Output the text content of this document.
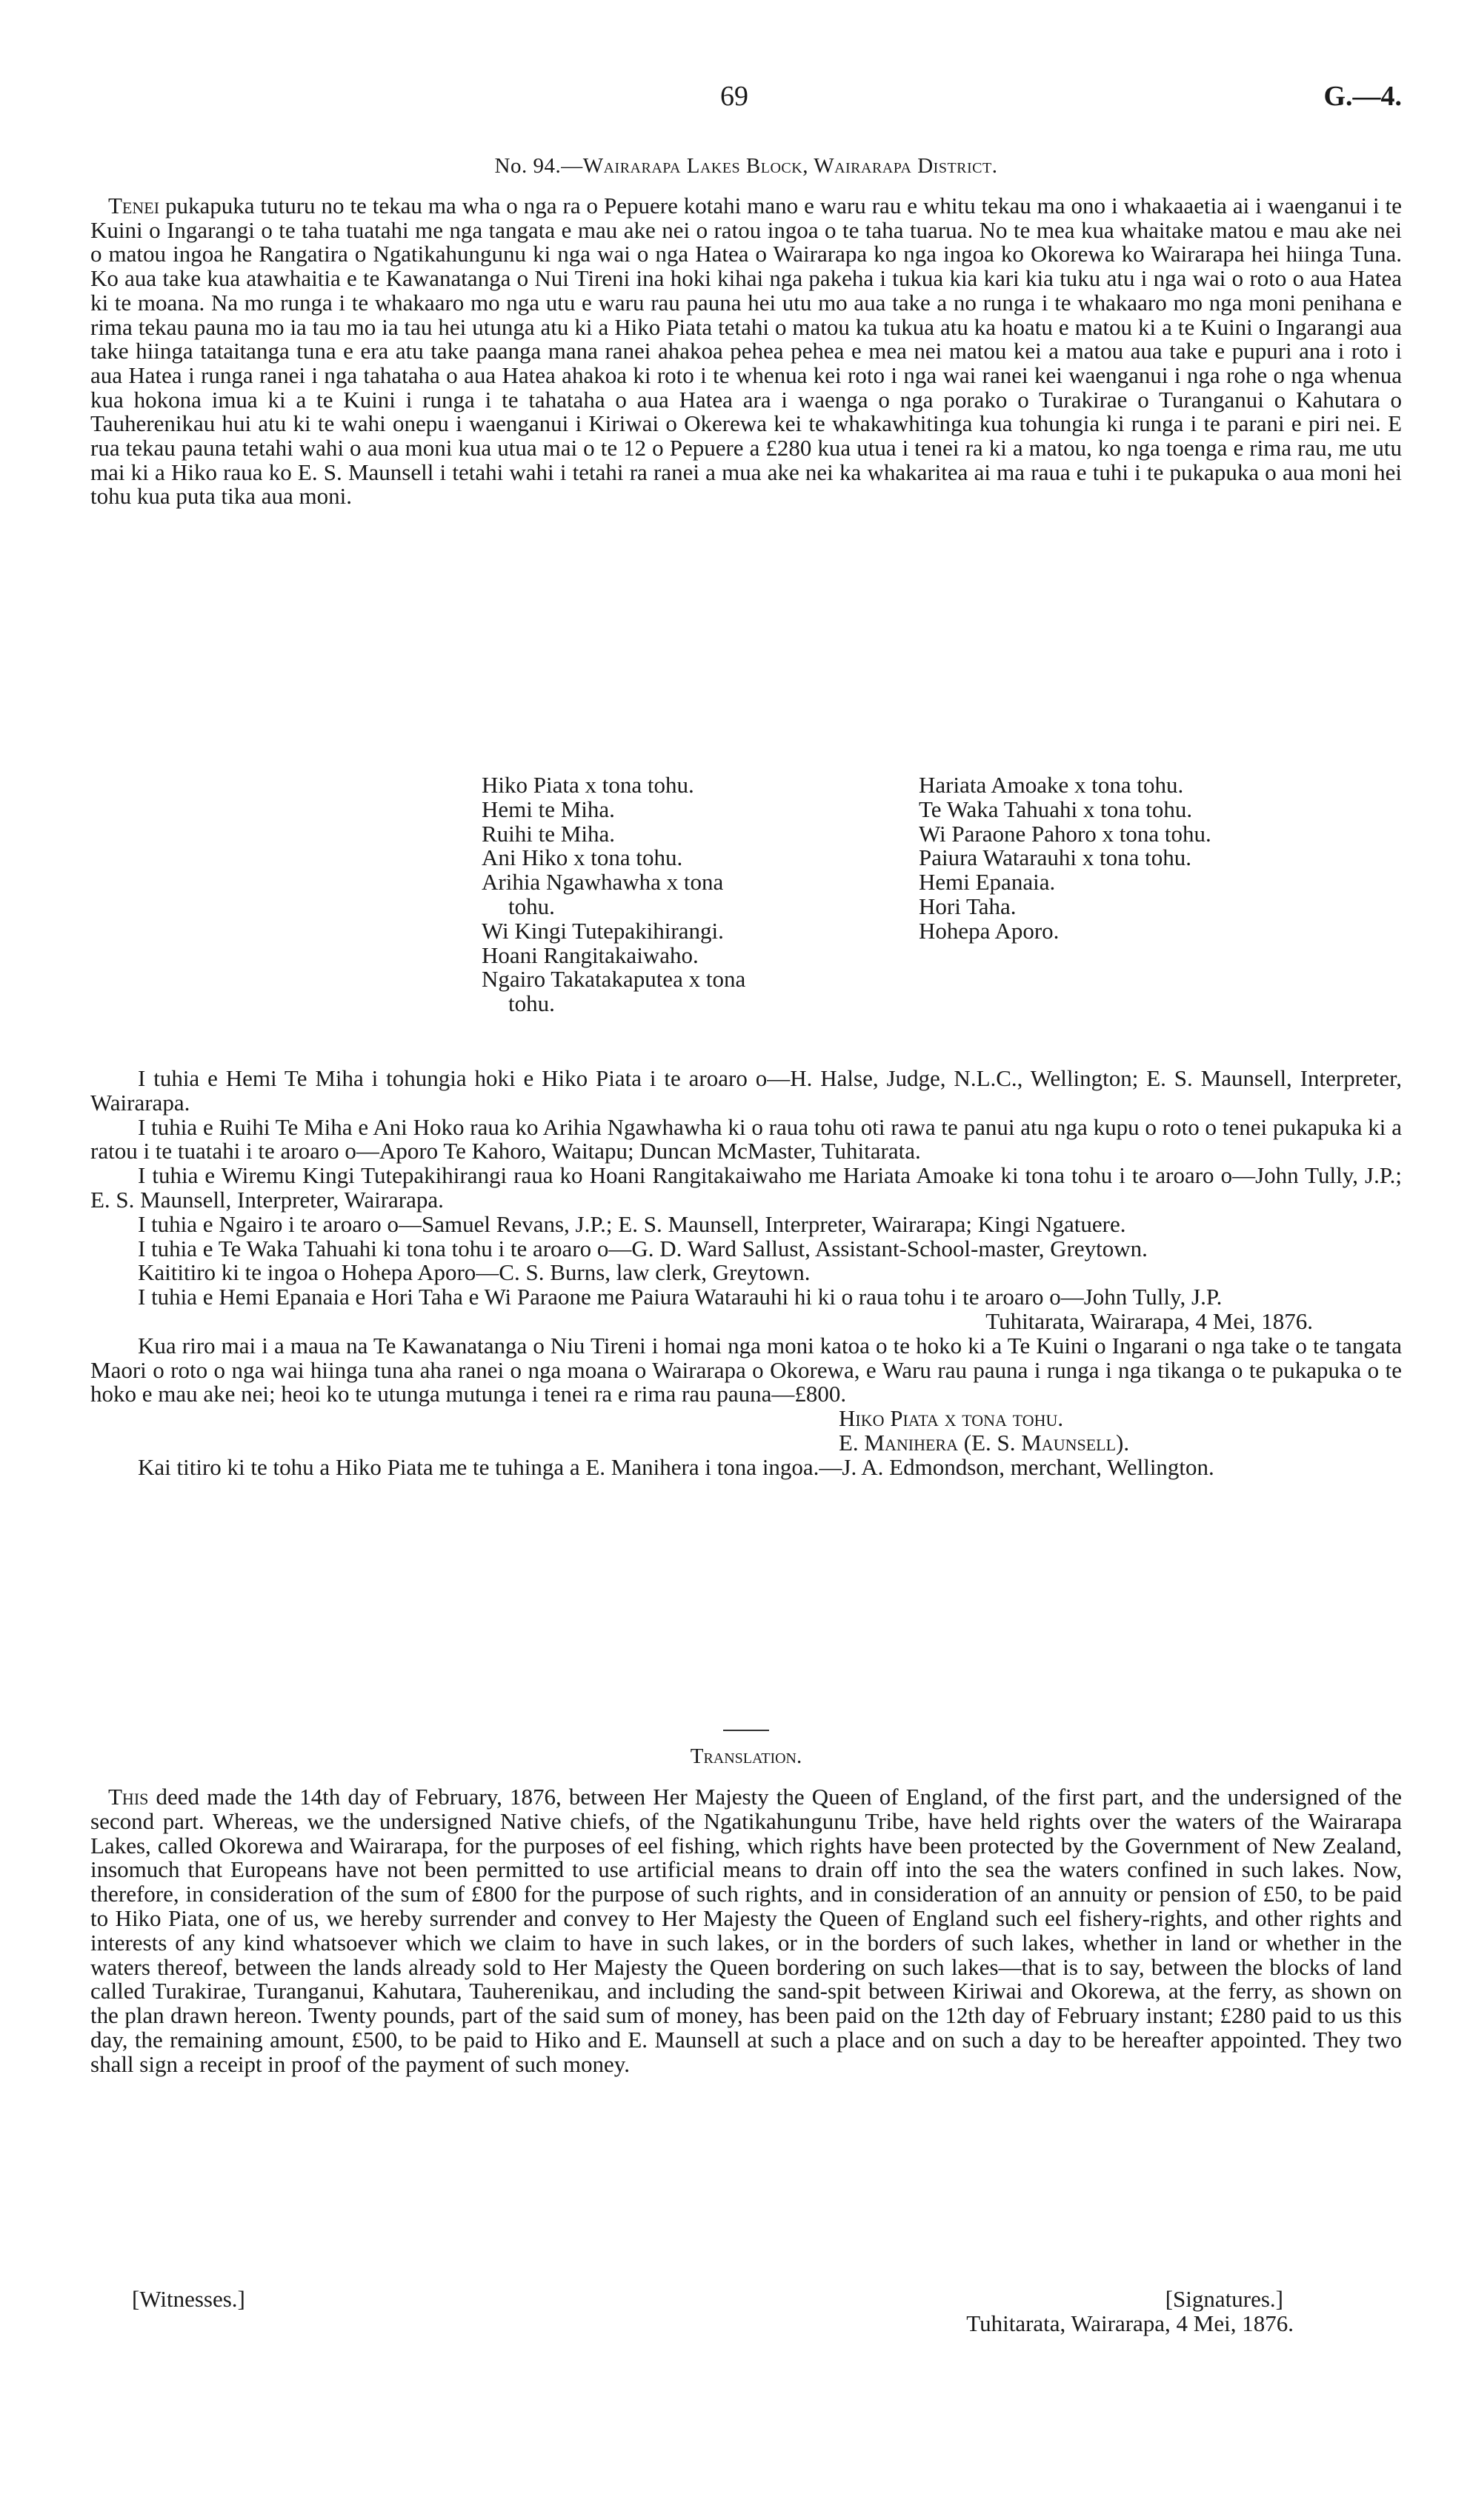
69	G.—4.
No. 94.—Wairarapa Lakes Block, Wairarapa District.

Tenei pukapuka tuturu no te tekau ma wha o nga ra o Pepuere kotahi mano e waru rau e whitu tekau ma ono i whakaaetia ai i waenganui i te Kuini o Ingarangi o te taha tuatahi me nga tangata e mau ake nei o ratou ingoa o te taha tuarua. No te mea kua whaitake matou e mau ake nei o matou ingoa he Rangatira o Ngatikahungunu ki nga wai o nga Hatea o Wairarapa ko nga ingoa ko Okorewa ko Wairarapa hei hiinga Tuna. Ko aua take kua atawhaitia e te Kawanatanga o Nui Tireni ina hoki kihai nga pakeha i tukua kia kari kia tuku atu i nga wai o roto o aua Hatea ki te moana. Na mo runga i te whakaaro mo nga utu e waru rau pauna hei utu mo aua take a no runga i te whakaaro mo nga moni penihana e rima tekau pauna mo ia tau mo ia tau hei utunga atu ki a Hiko Piata tetahi o matou ka tukua atu ka hoatu e matou ki a te Kuini o Ingarangi aua take hiinga tataitanga tuna e era atu take paanga mana ranei ahakoa pehea pehea e mea nei matou kei a matou aua take e pupuri ana i roto i aua Hatea i runga ranei i nga tahataha o aua Hatea ahakoa ki roto i te whenua kei roto i nga wai ranei kei waenganui i nga rohe o nga whenua kua hokona imua ki a te Kuini i runga i te tahataha o aua Hatea ara i waenga o nga porako o Turakirae o Turanganui o Kahutara o Tauherenikau hui atu ki te wahi onepu i waenganui i Kiriwai o Okerewa kei te whakawhitinga kua tohungia ki runga i te parani e piri nei. E rua tekau pauna tetahi wahi o aua moni kua utua mai o te 12 o Pepuere a £280 kua utua i tenei ra ki a matou, ko nga toenga e rima rau, me utu mai ki a Hiko raua ko E. S. Maunsell i tetahi wahi i tetahi ra ranei a mua ake nei ka whakaritea ai ma raua e tuhi i te pukapuka o aua moni hei tohu kua puta tika aua moni.

Hiko Piata x tona tohu.
Hemi te Miha.
Ruihi te Miha.
Ani Hiko x tona tohu.
Arihia Ngawhawha x tona
tohu.
Wi Kingi Tutepakihirangi.
Hoani Rangitakaiwaho.
Ngairo Takatakaputea x tona
tohu.
Hariata Amoake x tona tohu.
Te Waka Tahuahi x tona tohu.
Wi Paraone Pahoro x tona tohu.
Paiura Watarauhi x tona tohu.
Hemi Epanaia.
Hori Taha.
Hohepa Aporo.

I tuhia e Hemi Te Miha i tohungia hoki e Hiko Piata i te aroaro o—H. Halse, Judge, N.L.C., Wellington; E. S. Maunsell, Interpreter, Wairarapa.

I tuhia e Ruihi Te Miha e Ani Hoko raua ko Arihia Ngawhawha ki o raua tohu oti rawa te panui atu nga kupu o roto o tenei pukapuka ki a ratou i te tuatahi i te aroaro o—Aporo Te Kahoro, Waitapu; Duncan McMaster, Tuhitarata.

I tuhia e Wiremu Kingi Tutepakihirangi raua ko Hoani Rangitakaiwaho me Hariata Amoake ki tona tohu i te aroaro o—John Tully, J.P.; E. S. Maunsell, Interpreter, Wairarapa.

I tuhia e Ngairo i te aroaro o—Samuel Revans, J.P.; E. S. Maunsell, Interpreter, Wairarapa; Kingi Ngatuere.

I tuhia e Te Waka Tahuahi ki tona tohu i te aroaro o—G. D. Ward Sallust, Assistant-School-master, Greytown.

Kaititiro ki te ingoa o Hohepa Aporo—C. S. Burns, law clerk, Greytown.

I tuhia e Hemi Epanaia e Hori Taha e Wi Paraone me Paiura Watarauhi hi ki o raua tohu i te aroaro o—John Tully, J.P.

Tuhitarata, Wairarapa, 4 Mei, 1876.

Kua riro mai i a maua na Te Kawanatanga o Niu Tireni i homai nga moni katoa o te hoko ki a Te Kuini o Ingarani o nga take o te tangata Maori o roto o nga wai hiinga tuna aha ranei o nga moana o Wairarapa o Okorewa, e Waru rau pauna i runga i nga tikanga o te pukapuka o te hoko e mau ake nei; heoi ko te utunga mutunga i tenei ra e rima rau pauna—£800.

Hiko Piata x tona tohu.

E. Manihera (E. S. Maunsell).

Kai titiro ki te tohu a Hiko Piata me te tuhinga a E. Manihera i tona ingoa.—J. A. Edmondson, merchant, Wellington.

Translation.

This deed made the 14th day of February, 1876, between Her Majesty the Queen of England, of the first part, and the undersigned of the second part. Whereas, we the undersigned Native chiefs, of the Ngatikahungunu Tribe, have held rights over the waters of the Wairarapa Lakes, called Okorewa and Wairarapa, for the purposes of eel fishing, which rights have been protected by the Government of New Zealand, insomuch that Europeans have not been permitted to use artificial means to drain off into the sea the waters confined in such lakes. Now, therefore, in consideration of the sum of £800 for the purpose of such rights, and in consideration of an annuity or pension of £50, to be paid to Hiko Piata, one of us, we hereby surrender and convey to Her Majesty the Queen of England such eel fishery-rights, and other rights and interests of any kind whatsoever which we claim to have in such lakes, or in the borders of such lakes, whether in land or whether in the waters thereof, between the lands already sold to Her Majesty the Queen bordering on such lakes—that is to say, between the blocks of land called Turakirae, Turanganui, Kahutara, Tauherenikau, and including the sand-spit between Kiriwai and Okorewa, at the ferry, as shown on the plan drawn hereon. Twenty pounds, part of the said sum of money, has been paid on the 12th day of February instant; £280 paid to us this day, the remaining amount, £500, to be paid to Hiko and E. Maunsell at such a place and on such a day to be hereafter appointed. They two shall sign a receipt in proof of the payment of such money.

[Witnesses.]	[Signatures.]
Tuhitarata, Wairarapa, 4 Mei, 1876.
